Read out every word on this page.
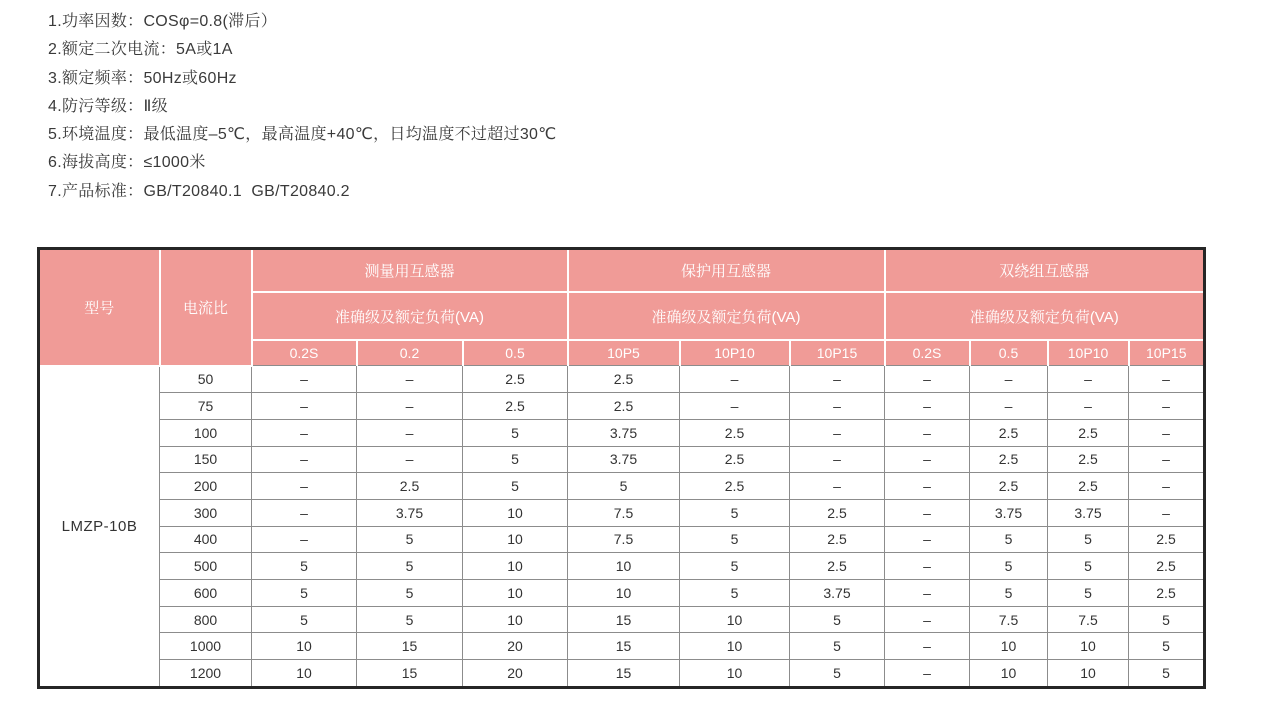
1.功率因数：COSφ=0.8(滞后）
2.额定二次电流：5A或1A
3.额定频率：50Hz或60Hz
4.防污等级：Ⅱ级
5.环境温度：最低温度–5℃，最高温度+40℃，日均温度不过超过30℃
6.海拔高度：≤1000米
7.产品标准：GB/T20840.1  GB/T20840.2
型号	电流比	测量用互感器			保护用互感器			双绕组互感器			
		准确级及额定负荷(VA)			准确级及额定负荷(VA)			准确级及额定负荷(VA)			
		0.2S	0.2	0.5	10P5	10P10	10P15	0.2S	0.5	10P10	10P15
LMZP-10B	50	–	–	2.5	2.5	–	–	–	–	–	–
	75	–	–	2.5	2.5	–	–	–	–	–	–
	100	–	–	5	3.75	2.5	–	–	2.5	2.5	–
	150	–	–	5	3.75	2.5	–	–	2.5	2.5	–
	200	–	2.5	5	5	2.5	–	–	2.5	2.5	–
	300	–	3.75	10	7.5	5	2.5	–	3.75	3.75	–
	400	–	5	10	7.5	5	2.5	–	5	5	2.5
	500	5	5	10	10	5	2.5	–	5	5	2.5
	600	5	5	10	10	5	3.75	–	5	5	2.5
	800	5	5	10	15	10	5	–	7.5	7.5	5
	1000	10	15	20	15	10	5	–	10	10	5
	1200	10	15	20	15	10	5	–	10	10	5
